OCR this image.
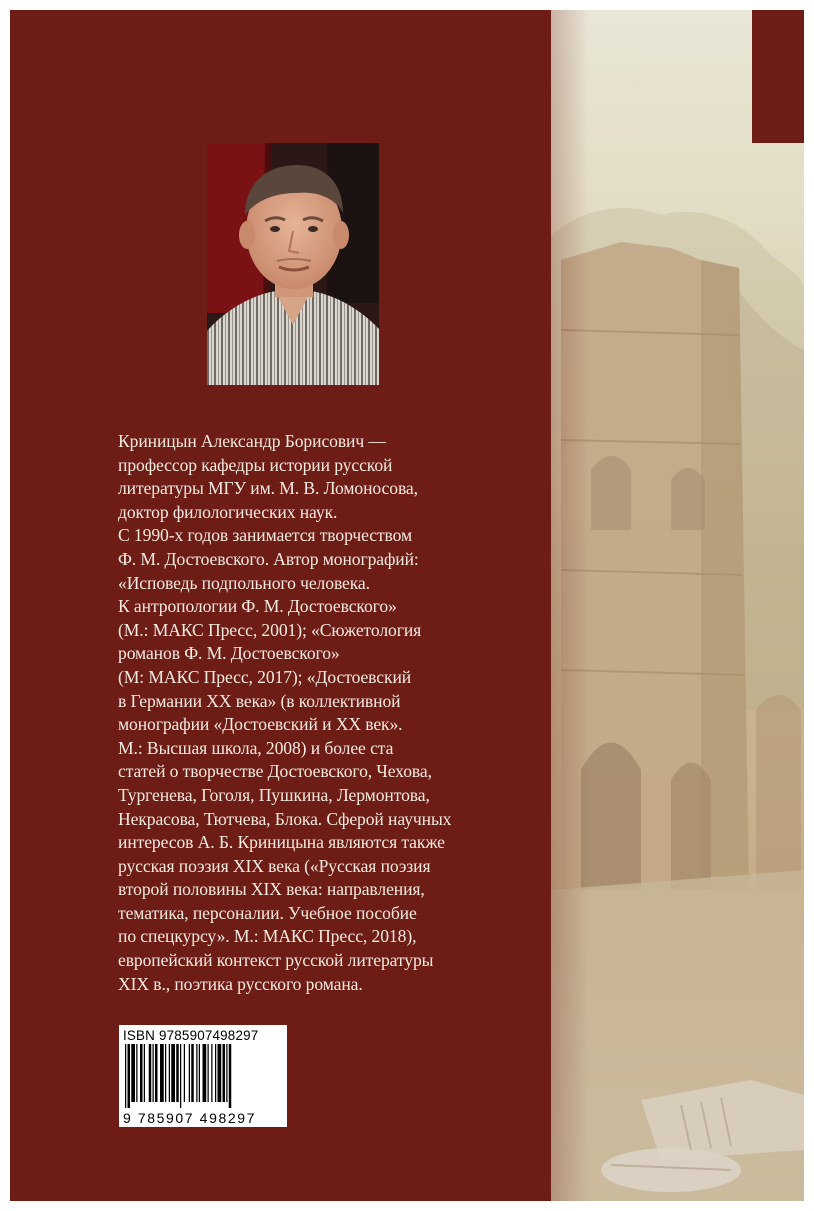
Криницын Александр Борисович —
профессор кафедры истории русской
литературы МГУ им. М. В. Ломоносова,
доктор филологических наук.
С 1990-х годов занимается творчеством
Ф. М. Достоевского. Автор монографий:
«Исповедь подпольного человека.
К антропологии Ф. М. Достоевского»
(М.: МАКС Пресс, 2001); «Сюжетология
романов Ф. М. Достоевского»
(М: МАКС Пресс, 2017); «Достоевский
в Германии XX века» (в коллективной
монографии «Достоевский и XX век».
М.: Высшая школа, 2008) и более ста
статей о творчестве Достоевского, Чехова,
Тургенева, Гоголя, Пушкина, Лермонтова,
Некрасова, Тютчева, Блока. Сферой научных
интересов А. Б. Криницына являются также
русская поэзия XIX века («Русская поэзия
второй половины XIX века: направления,
тематика, персоналии. Учебное пособие
по спецкурсу». М.: МАКС Пресс, 2018),
европейский контекст русской литературы
XIX в., поэтика русского романа.
ISBN 9785907498297
9 785907 498297
